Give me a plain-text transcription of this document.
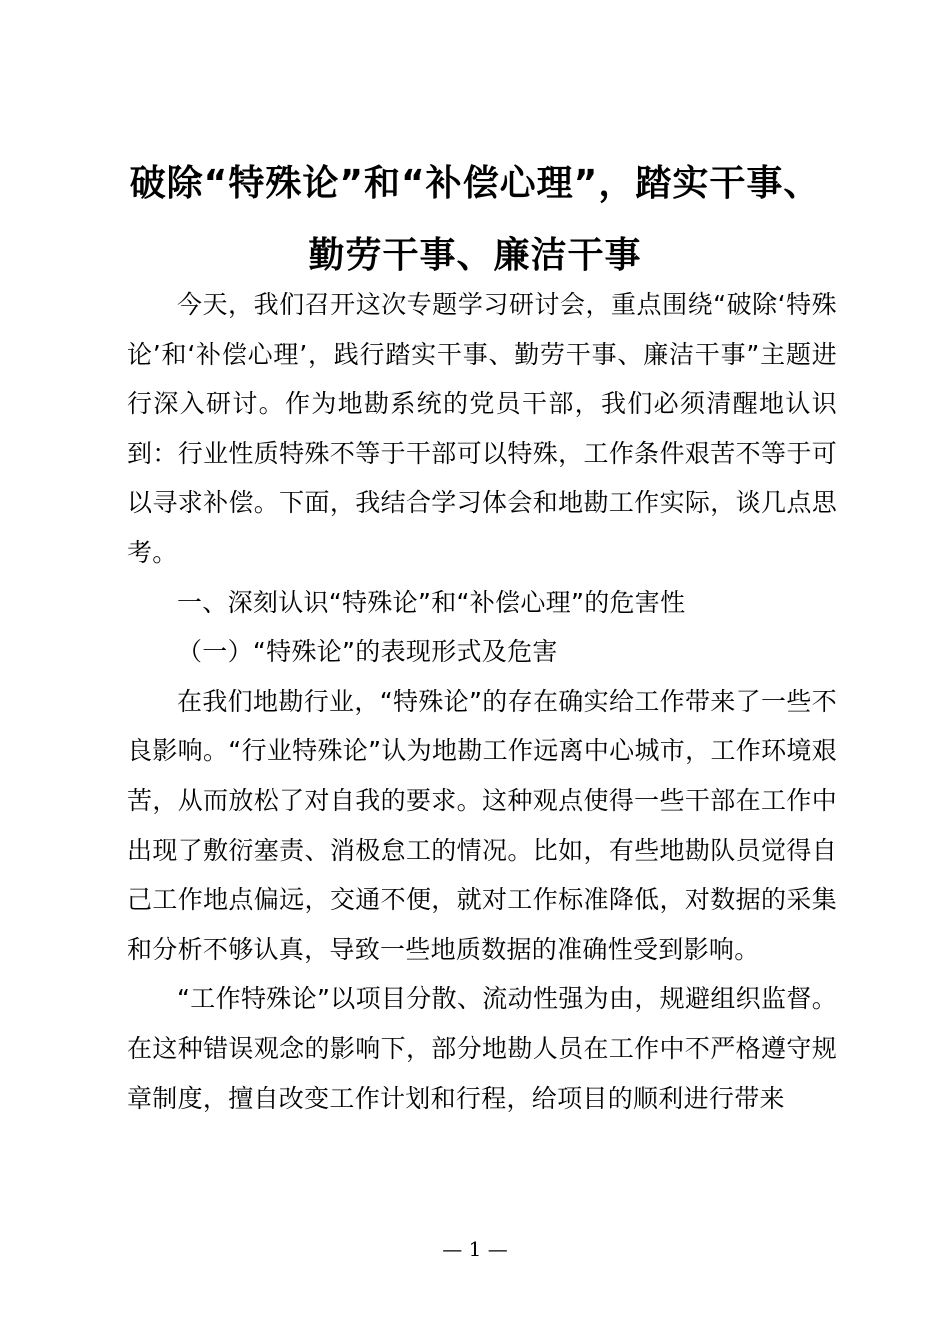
破除“特殊论”和“补偿心理”，踏实干事、
勤劳干事、廉洁干事

今天，我们召开这次专题学习研讨会，重点围绕“破除‘特殊论’和‘补偿心理’，践行踏实干事、勤劳干事、廉洁干事”主题进行深入研讨。作为地勘系统的党员干部，我们必须清醒地认识到：行业性质特殊不等于干部可以特殊，工作条件艰苦不等于可以寻求补偿。下面，我结合学习体会和地勘工作实际，谈几点思考。

一、深刻认识“特殊论”和“补偿心理”的危害性

（一）“特殊论”的表现形式及危害

在我们地勘行业，“特殊论”的存在确实给工作带来了一些不良影响。“行业特殊论”认为地勘工作远离中心城市，工作环境艰苦，从而放松了对自我的要求。这种观点使得一些干部在工作中出现了敷衍塞责、消极怠工的情况。比如，有些地勘队员觉得自己工作地点偏远，交通不便，就对工作标准降低，对数据的采集和分析不够认真，导致一些地质数据的准确性受到影响。

“工作特殊论”以项目分散、流动性强为由，规避组织监督。在这种错误观念的影响下，部分地勘人员在工作中不严格遵守规章制度，擅自改变工作计划和行程，给项目的顺利进行带来

— 1 —
